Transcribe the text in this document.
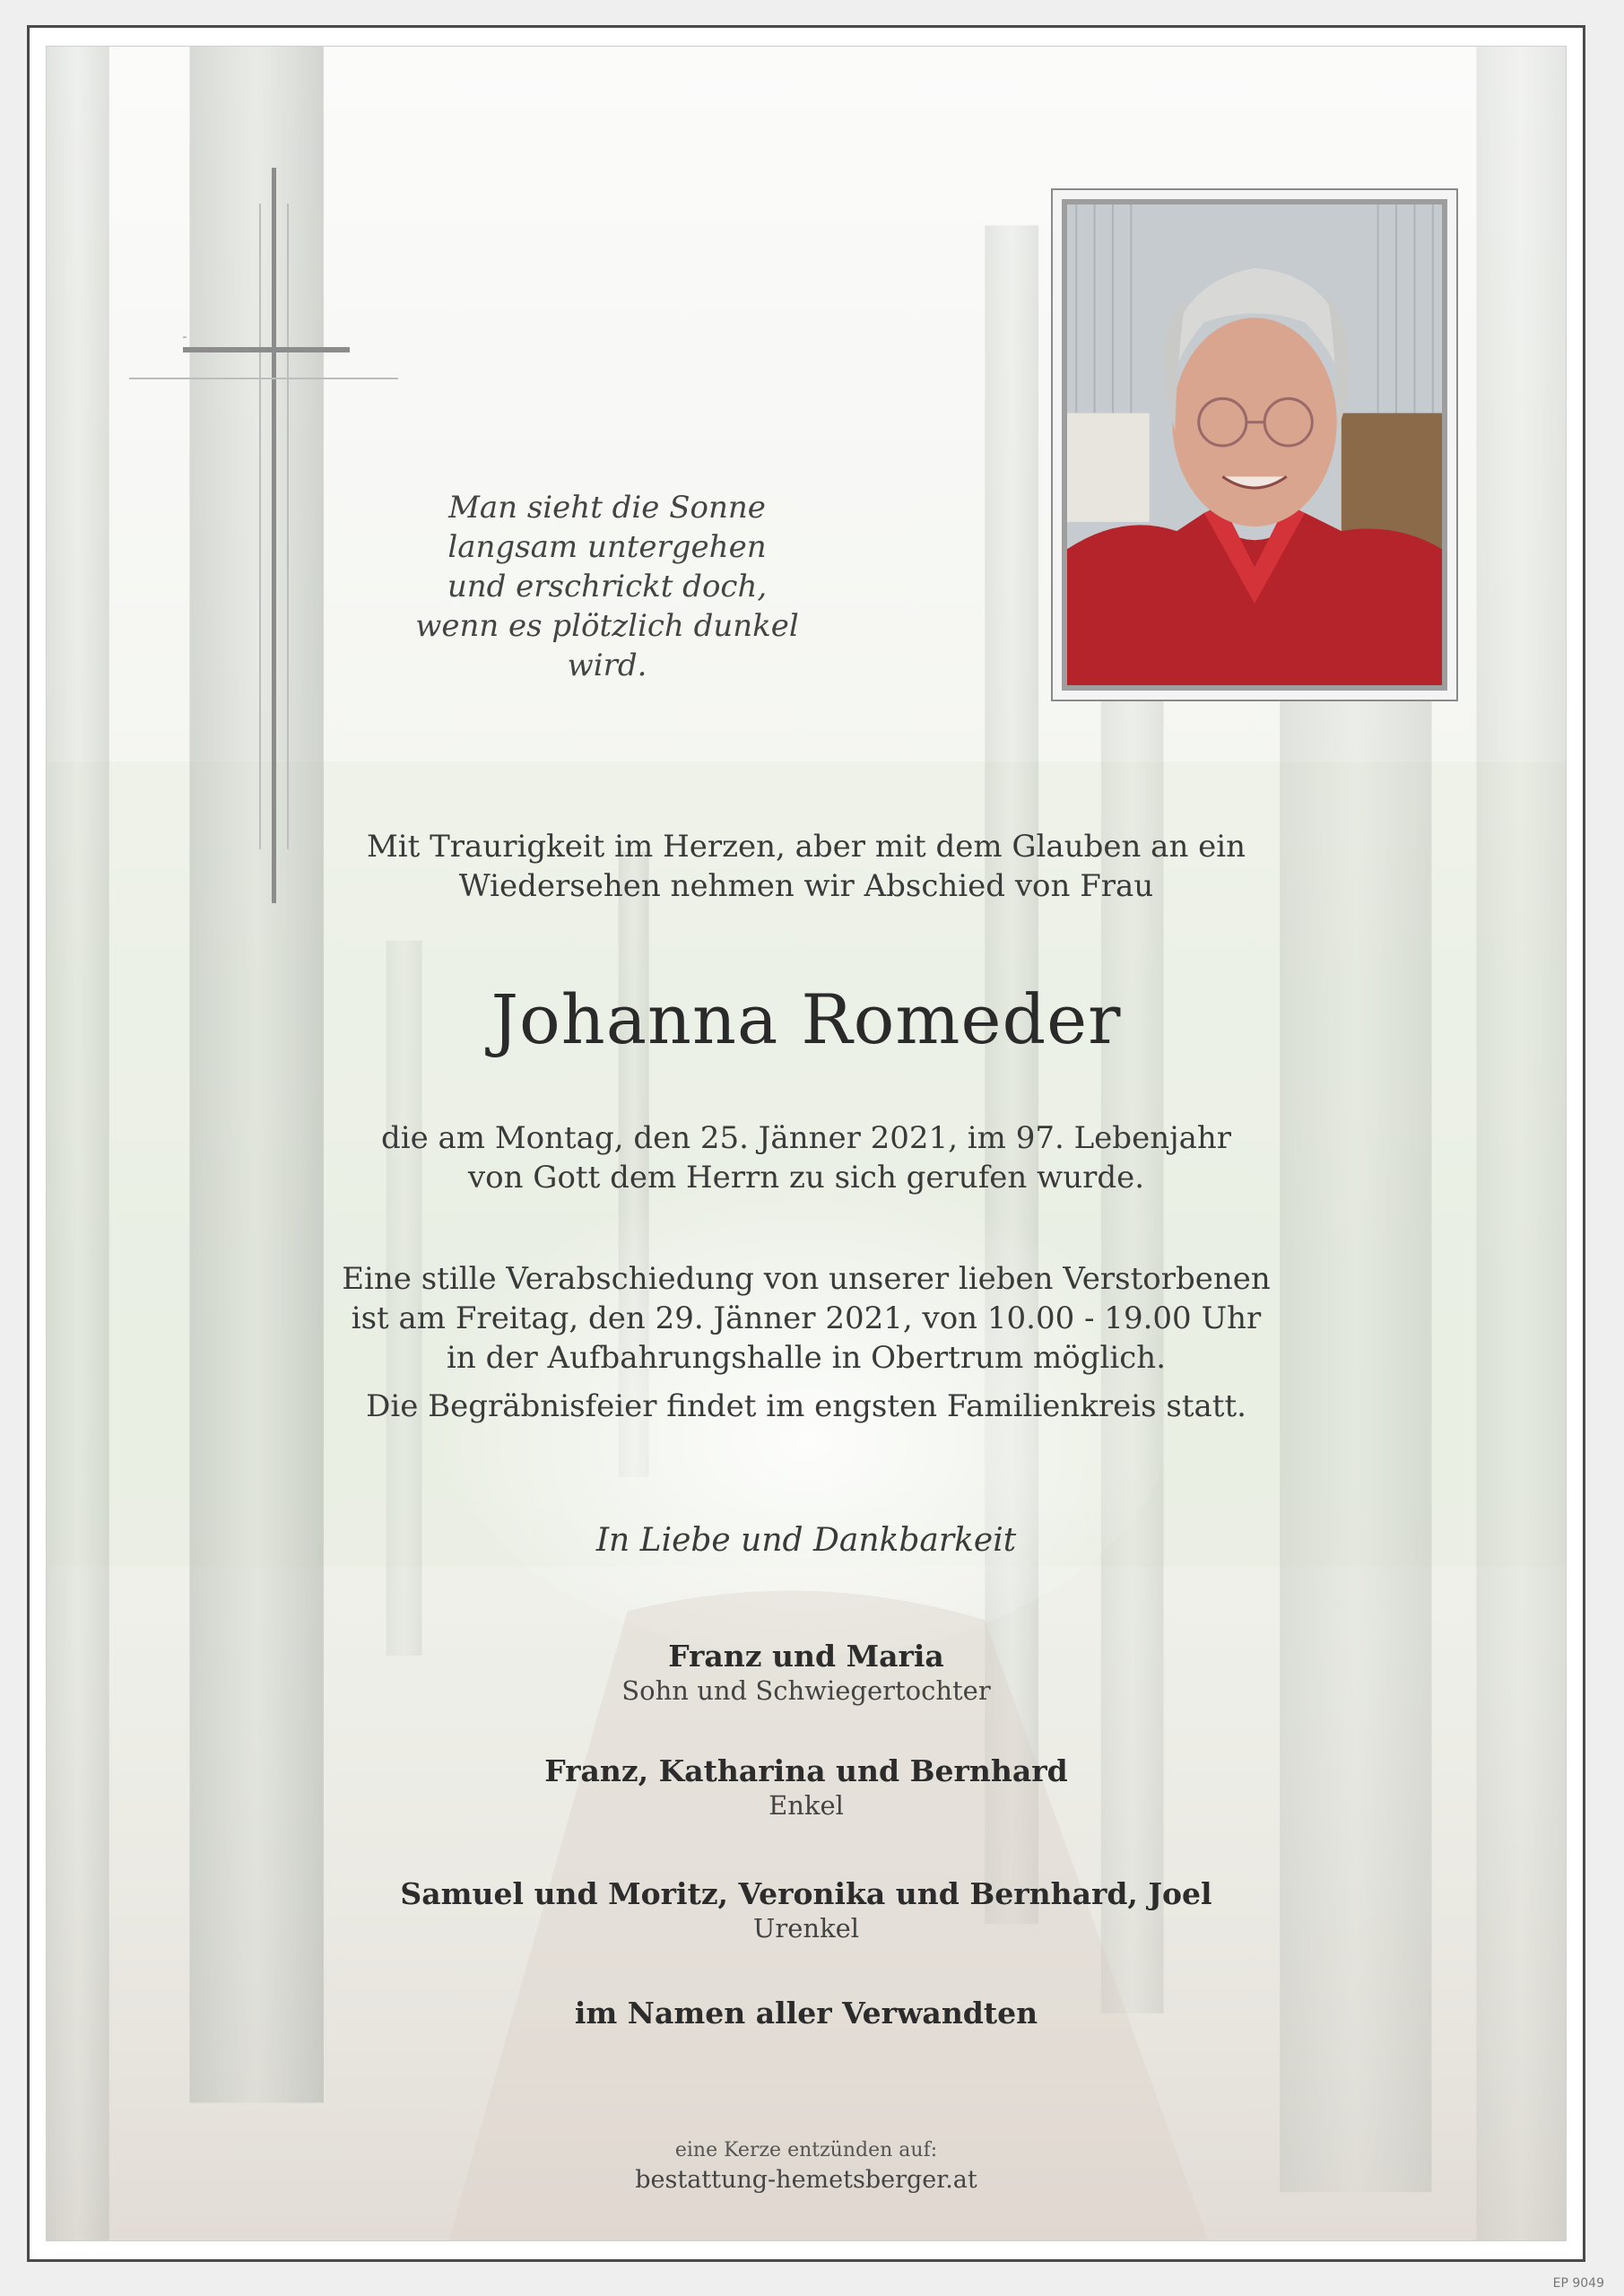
Man sieht die Sonne langsam untergehen
und erschrickt doch,
wenn es plötzlich dunkel wird.
Mit Traurigkeit im Herzen, aber mit dem Glauben an ein
Wiedersehen nehmen wir Abschied von Frau
Johanna Romeder
die am Montag, den 25. Jänner 2021, im 97. Lebenjahr
von Gott dem Herrn zu sich gerufen wurde.
Eine stille Verabschiedung von unserer lieben Verstorbenen
ist am Freitag, den 29. Jänner 2021, von 10.00 - 19.00 Uhr
in der Aufbahrungshalle in Obertrum möglich.
Die Begräbnisfeier findet im engsten Familienkreis statt.
In Liebe und Dankbarkeit
Franz und Maria
Sohn und Schwiegertochter
Franz, Katharina und Bernhard
Enkel
Samuel und Moritz, Veronika und Bernhard, Joel
Urenkel
im Namen aller Verwandten
eine Kerze entzünden auf:
bestattung-hemetsberger.at
EP 9049
